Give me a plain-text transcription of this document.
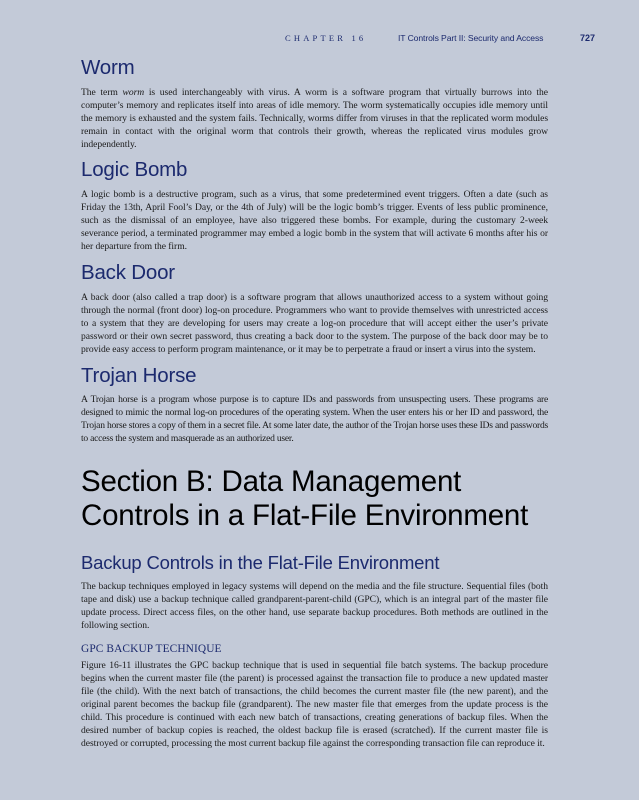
CHAPTER 16	IT Controls Part II: Security and Access	727
Worm

The term worm is used interchangeably with virus. A worm is a software program that virtually burrows into the computer’s memory and replicates itself into areas of idle memory. The worm systematically occupies idle memory until the memory is exhausted and the system fails. Technically, worms differ from viruses in that the replicated worm modules remain in contact with the original worm that controls their growth, whereas the replicated virus modules grow independently.

Logic Bomb

A logic bomb is a destructive program, such as a virus, that some predetermined event triggers. Often a date (such as Friday the 13th, April Fool’s Day, or the 4th of July) will be the logic bomb’s trigger. Events of less public prominence, such as the dismissal of an employee, have also triggered these bombs. For example, during the customary 2-week severance period, a terminated programmer may embed a logic bomb in the system that will activate 6 months after his or her departure from the firm.

Back Door

A back door (also called a trap door) is a software program that allows unauthorized access to a system without going through the normal (front door) log-on procedure. Programmers who want to provide themselves with unrestricted access to a system that they are developing for users may create a log-on procedure that will accept either the user’s private password or their own secret password, thus creating a back door to the system. The purpose of the back door may be to provide easy access to perform program maintenance, or it may be to perpetrate a fraud or insert a virus into the system.

Trojan Horse

A Trojan horse is a program whose purpose is to capture IDs and passwords from unsuspecting users. These programs are designed to mimic the normal log-on procedures of the operating system. When the user enters his or her ID and password, the Trojan horse stores a copy of them in a secret file. At some later date, the author of the Trojan horse uses these IDs and passwords to access the system and masquerade as an authorized user.

Section B: Data Management
Controls in a Flat-File Environment
Backup Controls in the Flat-File Environment

The backup techniques employed in legacy systems will depend on the media and the file structure. Sequential files (both tape and disk) use a backup technique called grandparent-parent-child (GPC), which is an integral part of the master file update process. Direct access files, on the other hand, use separate backup procedures. Both methods are outlined in the following section.

GPC BACKUP TECHNIQUE

Figure 16-11 illustrates the GPC backup technique that is used in sequential file batch systems. The backup procedure begins when the current master file (the parent) is processed against the transaction file to produce a new updated master file (the child). With the next batch of transactions, the child becomes the current master file (the new parent), and the original parent becomes the backup file (grandparent). The new master file that emerges from the update process is the child. This procedure is continued with each new batch of transactions, creating generations of backup files. When the desired number of backup copies is reached, the oldest backup file is erased (scratched). If the current master file is destroyed or corrupted, processing the most current backup file against the corresponding transaction file can reproduce it.
